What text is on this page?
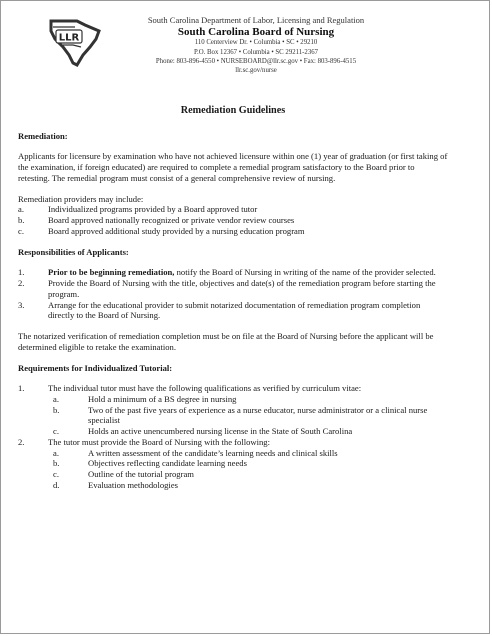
LLR
South Carolina Department of Labor, Licensing and Regulation
South Carolina Board of Nursing
110 Centerview Dr. • Columbia • SC • 29210
P.O. Box 12367 • Columbia • SC 29211-2367
Phone: 803-896-4550 • NURSEBOARD@llr.sc.gov • Fax: 803-896-4515
llr.sc.gov/nurse
Remediation Guidelines
Remediation:

Applicants for licensure by examination who have not achieved licensure within one (1) year of graduation (or first taking of the examination, if foreign educated) are required to complete a remedial program satisfactory to the Board prior to retesting. The remedial program must consist of a general comprehensive review of nursing.

Remediation providers may include:
a.	Individualized programs provided by a Board approved tutor
b.	Board approved nationally recognized or private vendor review courses
c.	Board approved additional study provided by a nursing education program
Responsibilities of Applicants:
1.	Prior to be beginning remediation, notify the Board of Nursing in writing of the name of the provider selected.
2.	Provide the Board of Nursing with the title, objectives and date(s) of the remediation program before starting the program.
3.	Arrange for the educational provider to submit notarized documentation of remediation program completion directly to the Board of Nursing.

The notarized verification of remediation completion must be on file at the Board of Nursing before the applicant will be determined eligible to retake the examination.

Requirements for Individualized Tutorial:
1.	The individual tutor must have the following qualifications as verified by curriculum vitae:
a.	Hold a minimum of a BS degree in nursing
b.	Two of the past five years of experience as a nurse educator, nurse administrator or a clinical nurse specialist
c.	Holds an active unencumbered nursing license in the State of South Carolina
2.	The tutor must provide the Board of Nursing with the following:
a.	A written assessment of the candidate’s learning needs and clinical skills
b.	Objectives reflecting candidate learning needs
c.	Outline of the tutorial program
d.	Evaluation methodologies
